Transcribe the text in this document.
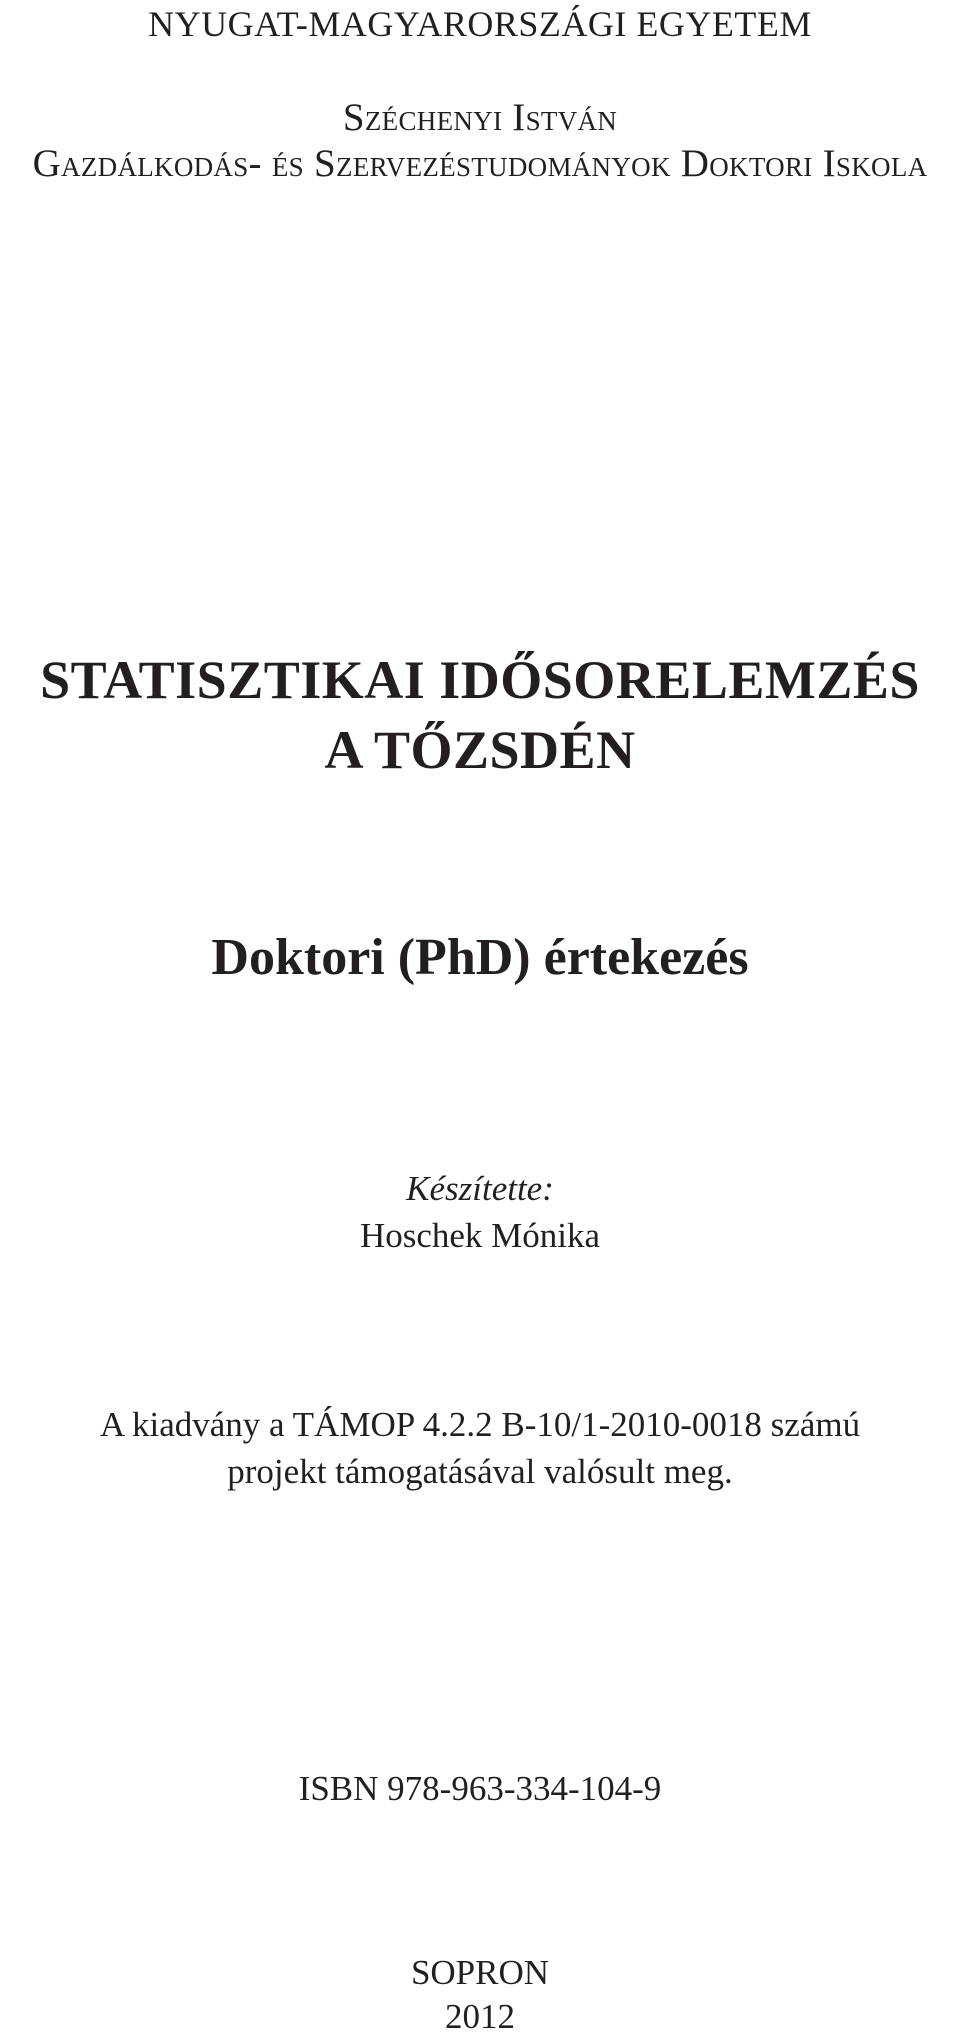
NYUGAT-MAGYARORSZÁGI EGYETEM

Széchenyi István

Gazdálkodás- és Szervezéstudományok Doktori Iskola

STATISZTIKAI IDŐSORELEMZÉS
A TŐZSDÉN
Doktori (PhD) értekezés

Készítette:

Hoschek Mónika

A kiadvány a TÁMOP 4.2.2 B-10/1-2010-0018 számú

projekt támogatásával valósult meg.

ISBN 978-963-334-104-9

SOPRON

2012
